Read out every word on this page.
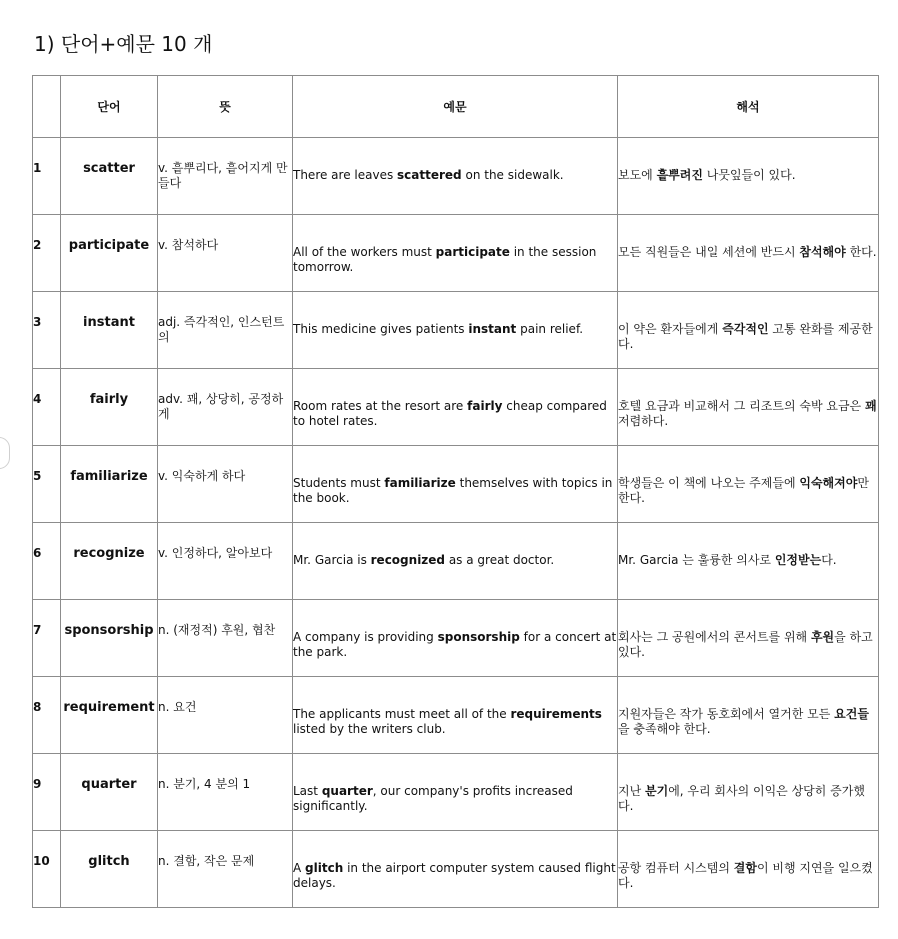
1) 단어+예문 10 개
	단어	뜻	예문	해석
1	scatter	v. 흩뿌리다, 흩어지게 만들다	There are leaves scattered on the sidewalk.	보도에 흩뿌려진 나뭇잎들이 있다.
2	participate	v. 참석하다	All of the workers must participate in the session tomorrow.	모든 직원들은 내일 세션에 반드시 참석해야 한다.
3	instant	adj. 즉각적인, 인스턴트의	This medicine gives patients instant pain relief.	이 약은 환자들에게 즉각적인 고통 완화를 제공한다.
4	fairly	adv. 꽤, 상당히, 공정하게	Room rates at the resort are fairly cheap compared to hotel rates.	호텔 요금과 비교해서 그 리조트의 숙박 요금은 꽤 저렴하다.
5	familiarize	v. 익숙하게 하다	Students must familiarize themselves with topics in the book.	학생들은 이 책에 나오는 주제들에 익숙해져야만 한다.
6	recognize	v. 인정하다, 알아보다	Mr. Garcia is recognized as a great doctor.	Mr. Garcia 는 훌륭한 의사로 인정받는다.
7	sponsorship	n. (재정적) 후원, 협찬	A company is providing sponsorship for a concert at the park.	회사는 그 공원에서의 콘서트를 위해 후원을 하고 있다.
8	requirement	n. 요건	The applicants must meet all of the requirements listed by the writers club.	지원자들은 작가 동호회에서 열거한 모든 요건들을 충족해야 한다.
9	quarter	n. 분기, 4 분의 1	Last quarter, our company's profits increased significantly.	지난 분기에, 우리 회사의 이익은 상당히 증가했다.
10	glitch	n. 결함, 작은 문제	A glitch in the airport computer system caused flight delays.	공항 컴퓨터 시스템의 결함이 비행 지연을 일으켰다.
